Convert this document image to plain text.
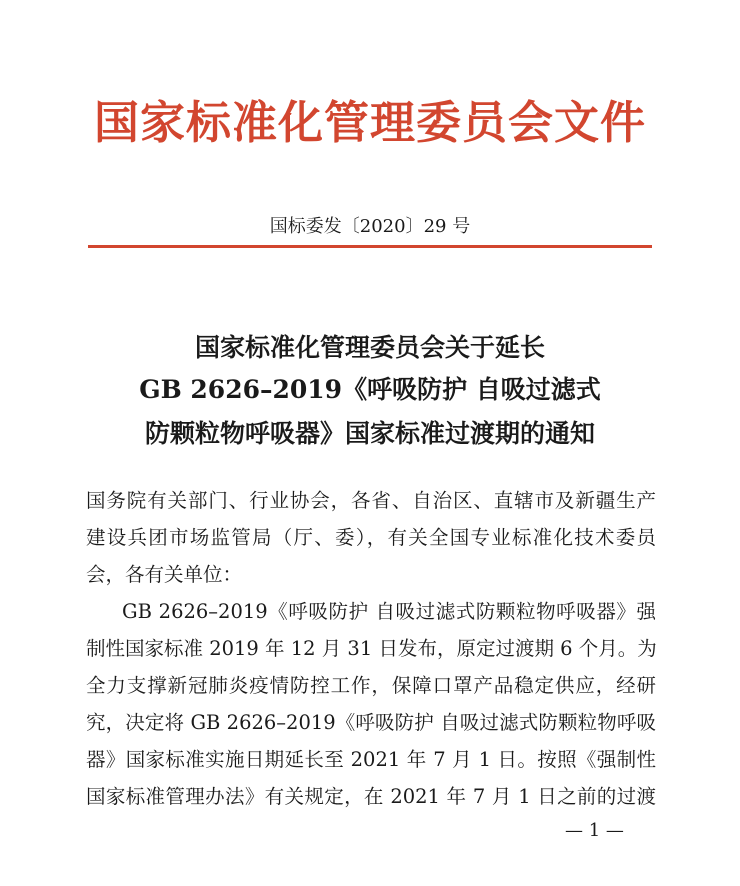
国家标准化管理委员会文件
国标委发〔2020〕29 号
国家标准化管理委员会关于延长
GB 2626–2019《呼吸防护 自吸过滤式
防颗粒物呼吸器》国家标准过渡期的通知
国务院有关部门、行业协会，各省、自治区、直辖市及新疆生产
建设兵团市场监管局（厅、委），有关全国专业标准化技术委员
会，各有关单位：
GB 2626–2019《呼吸防护 自吸过滤式防颗粒物呼吸器》强
制性国家标准 2019 年 12 月 31 日发布，原定过渡期 6 个月。为
全力支撑新冠肺炎疫情防控工作，保障口罩产品稳定供应，经研
究，决定将 GB 2626–2019《呼吸防护 自吸过滤式防颗粒物呼吸
器》国家标准实施日期延长至 2021 年 7 月 1 日。按照《强制性
国家标准管理办法》有关规定，在 2021 年 7 月 1 日之前的过渡
— 1 —
